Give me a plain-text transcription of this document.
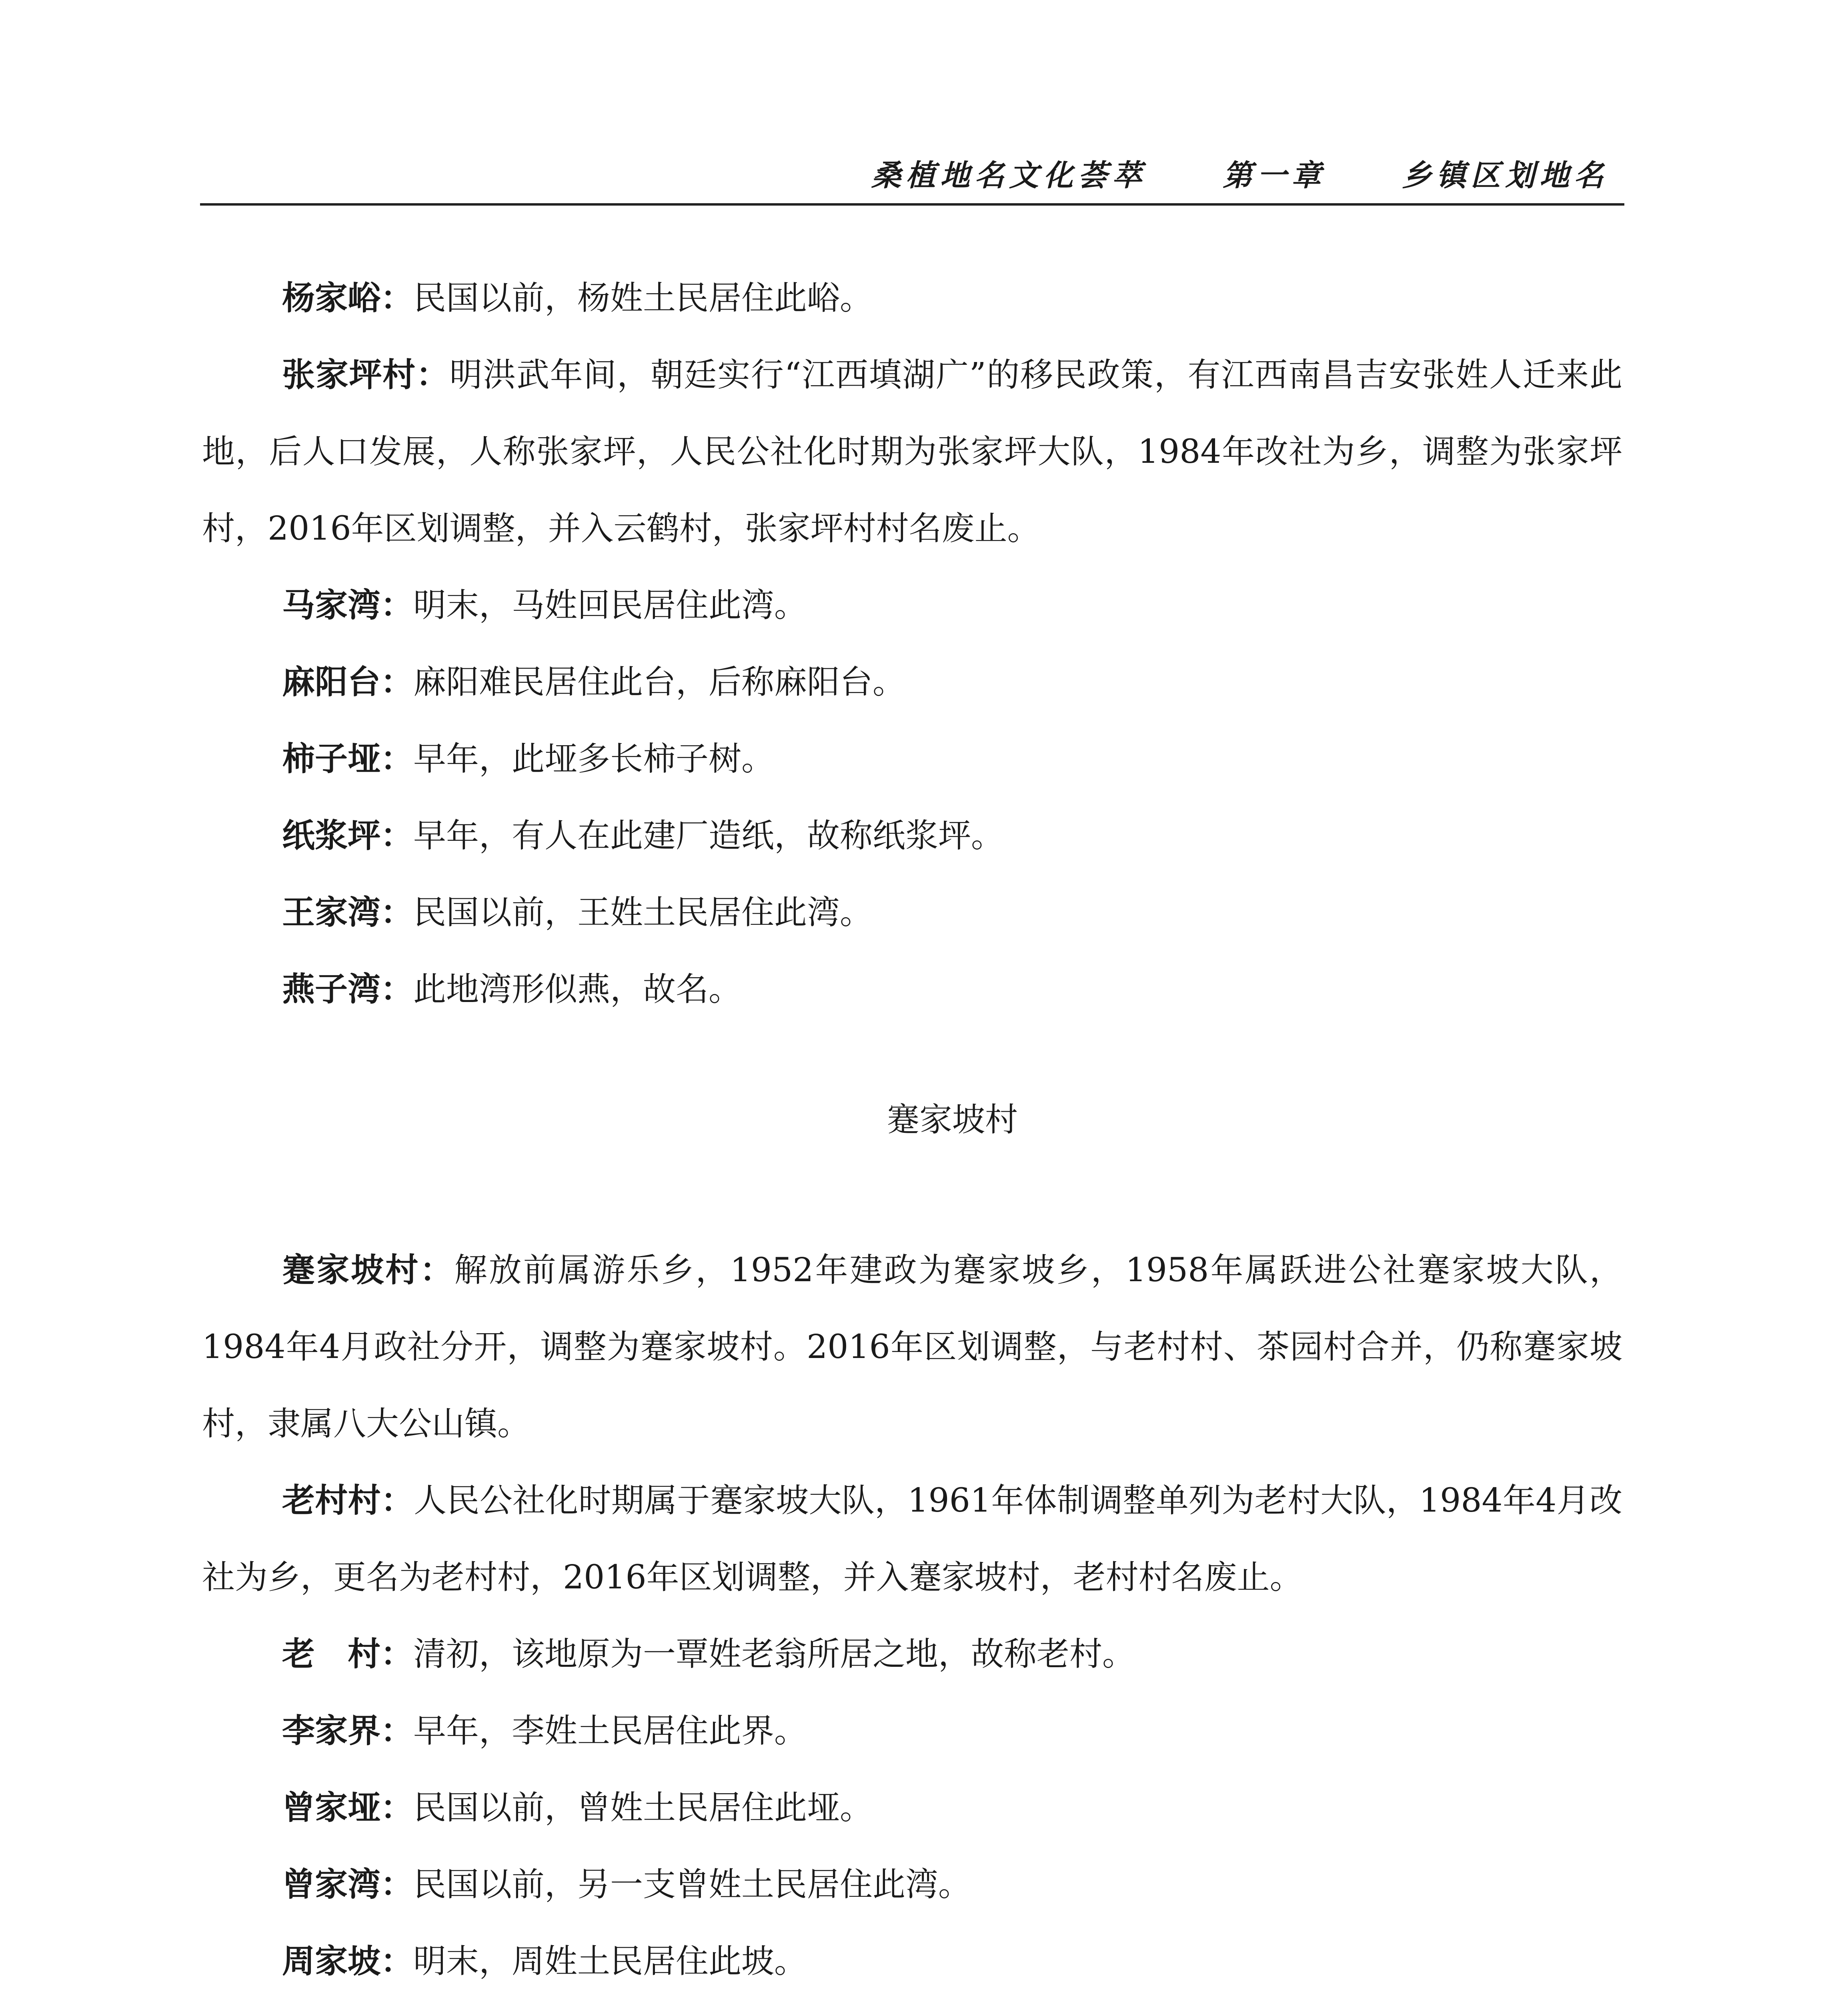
桑植地名文化荟萃	第一章	乡镇区划地名

杨家峪：民国以前，杨姓土民居住此峪。

张家坪村：明洪武年间，朝廷实行“江西填湖广”的移民政策，有江西南昌吉安张姓人迁来此地，后人口发展，人称张家坪，人民公社化时期为张家坪大队，1984年改社为乡，调整为张家坪村，2016年区划调整，并入云鹤村，张家坪村村名废止。

马家湾：明末，马姓回民居住此湾。

麻阳台：麻阳难民居住此台，后称麻阳台。

柿子垭：早年，此垭多长柿子树。

纸浆坪：早年，有人在此建厂造纸，故称纸浆坪。

王家湾：民国以前，王姓土民居住此湾。

燕子湾：此地湾形似燕，故名。

蹇家坡村

蹇家坡村：解放前属游乐乡，1952年建政为蹇家坡乡，1958年属跃进公社蹇家坡大队，1984年4月政社分开，调整为蹇家坡村。2016年区划调整，与老村村、茶园村合并，仍称蹇家坡村，隶属八大公山镇。

老村村：人民公社化时期属于蹇家坡大队，1961年体制调整单列为老村大队，1984年4月改社为乡，更名为老村村，2016年区划调整，并入蹇家坡村，老村村名废止。

老　村：清初，该地原为一覃姓老翁所居之地，故称老村。

李家界：早年，李姓土民居住此界。

曾家垭：民国以前，曾姓土民居住此垭。

曾家湾：民国以前，另一支曾姓土民居住此湾。

周家坡：明末，周姓土民居住此坡。
